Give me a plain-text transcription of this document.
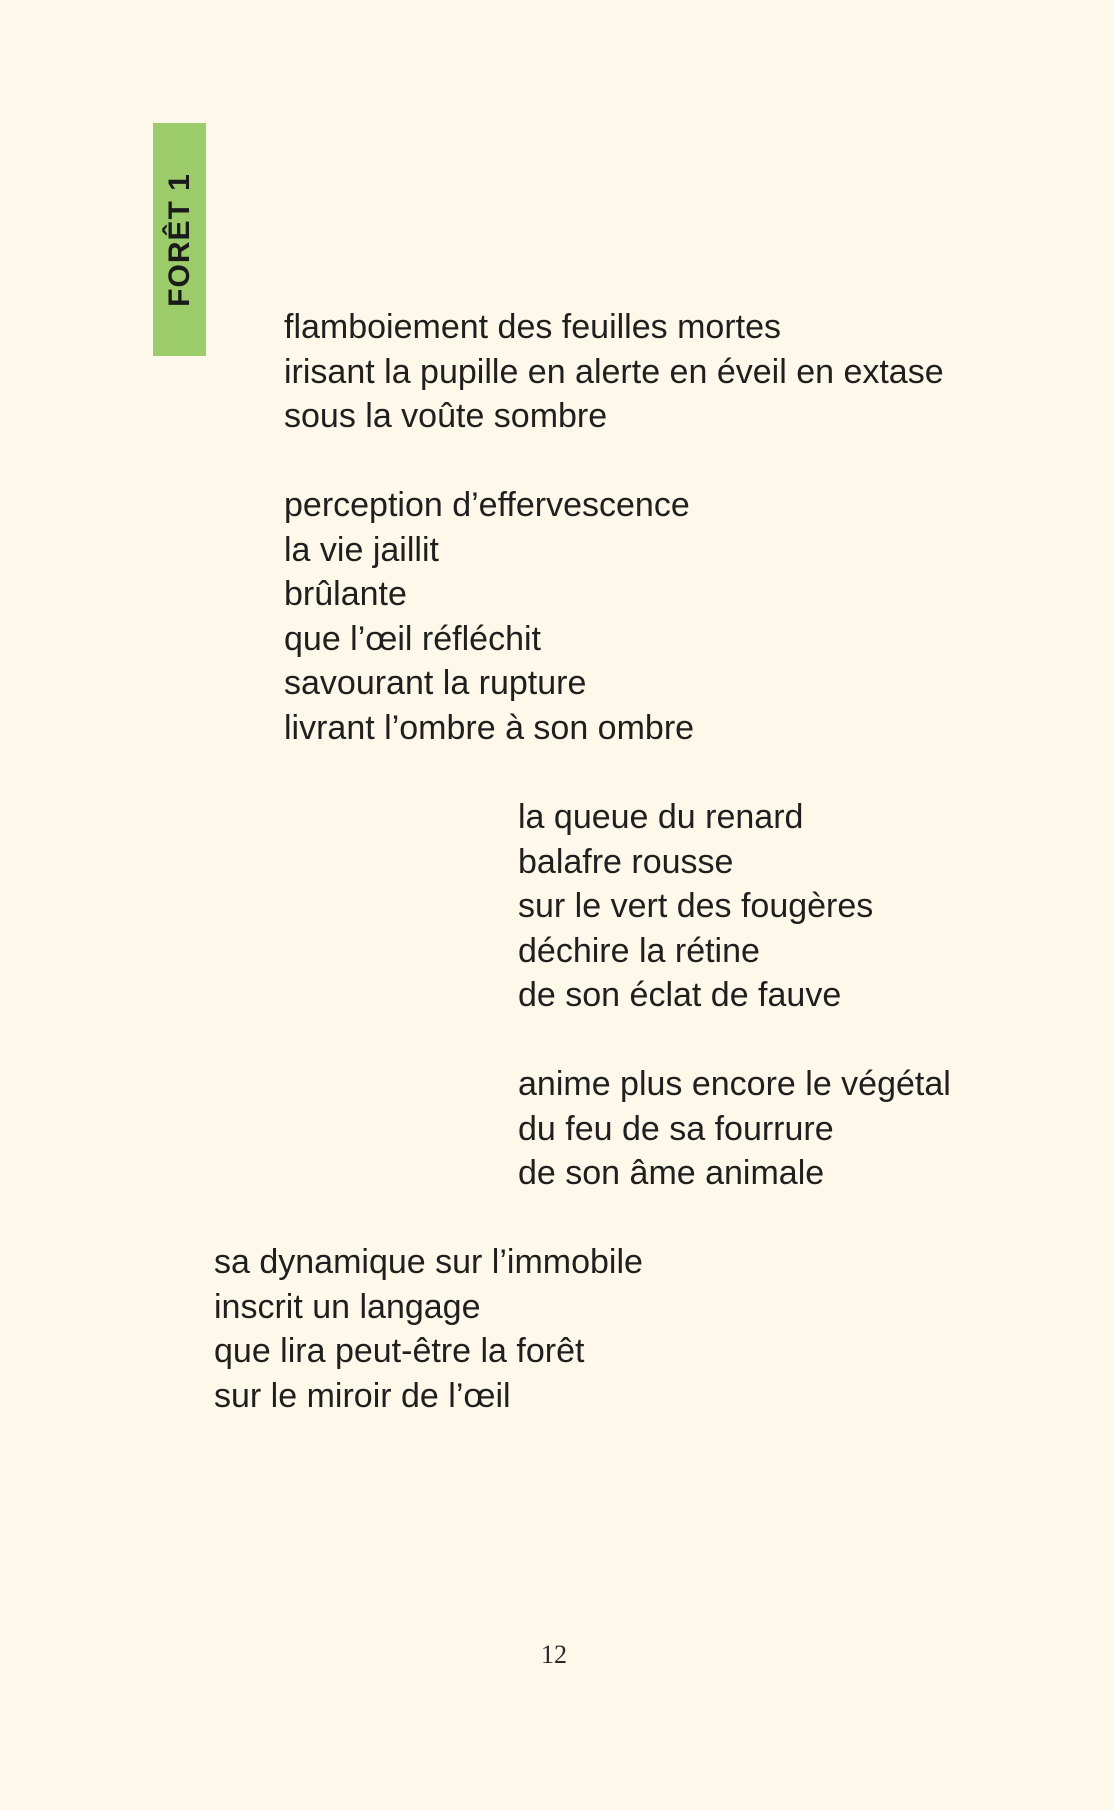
FORÊT 1
flamboiement des feuilles mortes
irisant la pupille en alerte en éveil en extase
sous la voûte sombre
perception d’effervescence
la vie jaillit
brûlante
que l’œil réfléchit
savourant la rupture
livrant l’ombre à son ombre
la queue du renard
balafre rousse
sur le vert des fougères
déchire la rétine
de son éclat de fauve
anime plus encore le végétal
du feu de sa fourrure
de son âme animale
sa dynamique sur l’immobile
inscrit un langage
que lira peut-être la forêt
sur le miroir de l’œil
12
